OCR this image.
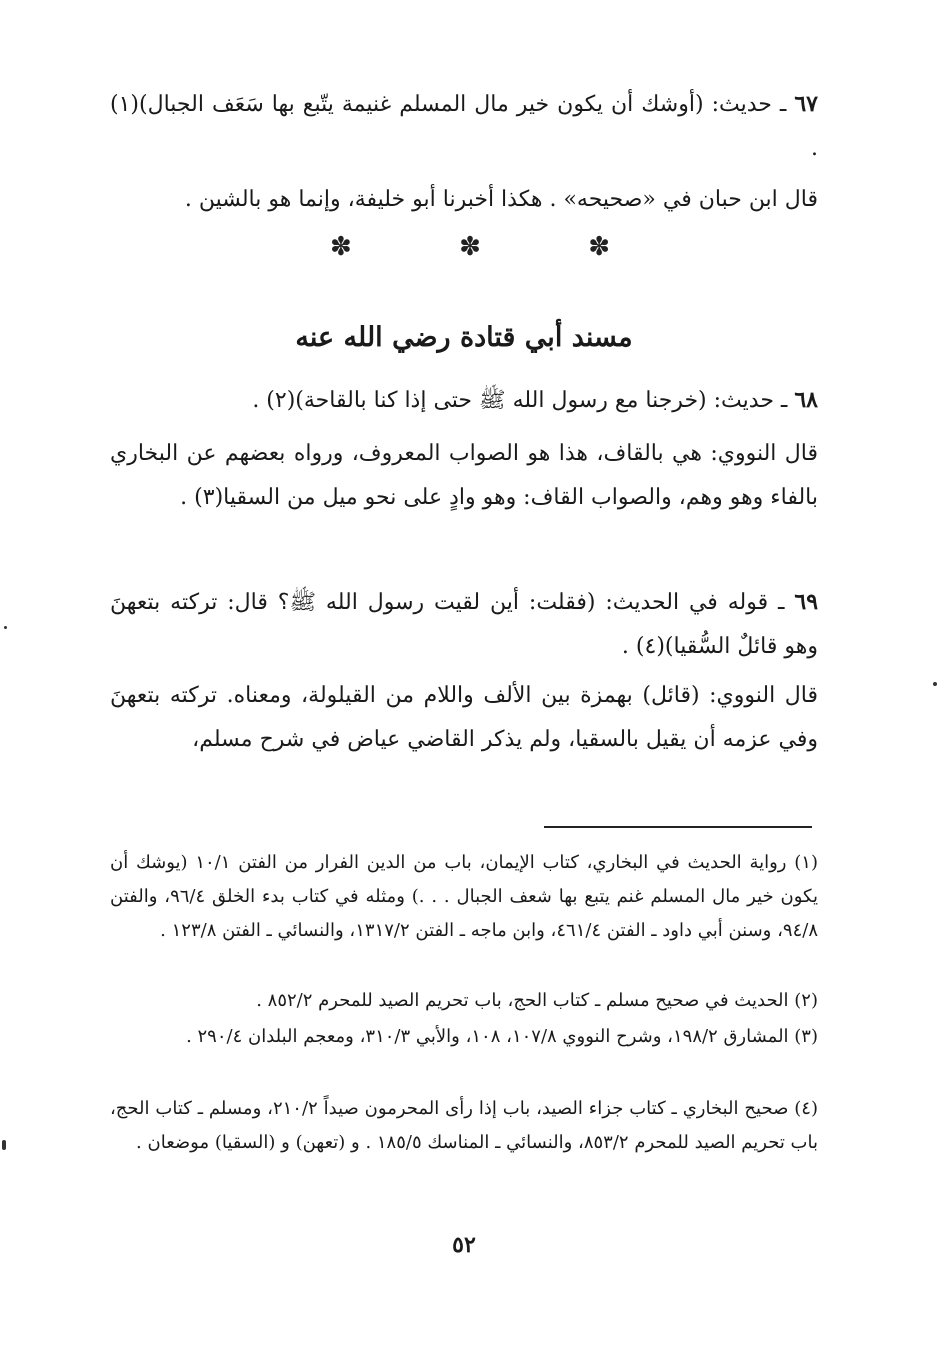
٦٧ ـ حديث: (أوشك أن يكون خير مال المسلم غنيمة يتّبع بها سَعَف الجبال)(١) .
قال ابن حبان في «صحيحه» . هكذا أخبرنا أبو خليفة، وإنما هو بالشين .
✽	✽	✽
مسند أبي قتادة رضي الله عنه
٦٨ ـ حديث: (خرجنا مع رسول الله ﷺ حتى إذا كنا بالقاحة)(٢) .
قال النووي: هي بالقاف، هذا هو الصواب المعروف، ورواه بعضهم عن البخاري بالفاء وهو وهم، والصواب القاف: وهو وادٍ على نحو ميل من السقيا(٣) .
٦٩ ـ قوله في الحديث: (فقلت: أين لقيت رسول الله ﷺ؟ قال: تركته بتعهنَ وهو قائلٌ السُّقيا)(٤) .
قال النووي: (قائل) بهمزة بين الألف واللام من القيلولة، ومعناه. تركته بتعهنَ وفي عزمه أن يقيل بالسقيا، ولم يذكر القاضي عياض في شرح مسلم،
(١) رواية الحديث في البخاري، كتاب الإيمان، باب من الدين الفرار من الفتن ١٠/١ (يوشك أن يكون خير مال المسلم غنم يتبع بها شعف الجبال . . .) ومثله في كتاب بدء الخلق ٩٦/٤، والفتن ٩٤/٨، وسنن أبي داود ـ الفتن ٤٦١/٤، وابن ماجه ـ الفتن ١٣١٧/٢، والنسائي ـ الفتن ١٢٣/٨ .
(٢) الحديث في صحيح مسلم ـ كتاب الحج، باب تحريم الصيد للمحرم ٨٥٢/٢ .
(٣) المشارق ١٩٨/٢، وشرح النووي ١٠٧/٨، ١٠٨، والأبي ٣١٠/٣، ومعجم البلدان ٢٩٠/٤ .
(٤) صحيح البخاري ـ كتاب جزاء الصيد، باب إذا رأى المحرمون صيداً ٢١٠/٢، ومسلم ـ كتاب الحج، باب تحريم الصيد للمحرم ٨٥٣/٢، والنسائي ـ المناسك ١٨٥/٥ . و (تعهن) و (السقيا) موضعان .
٥٢
